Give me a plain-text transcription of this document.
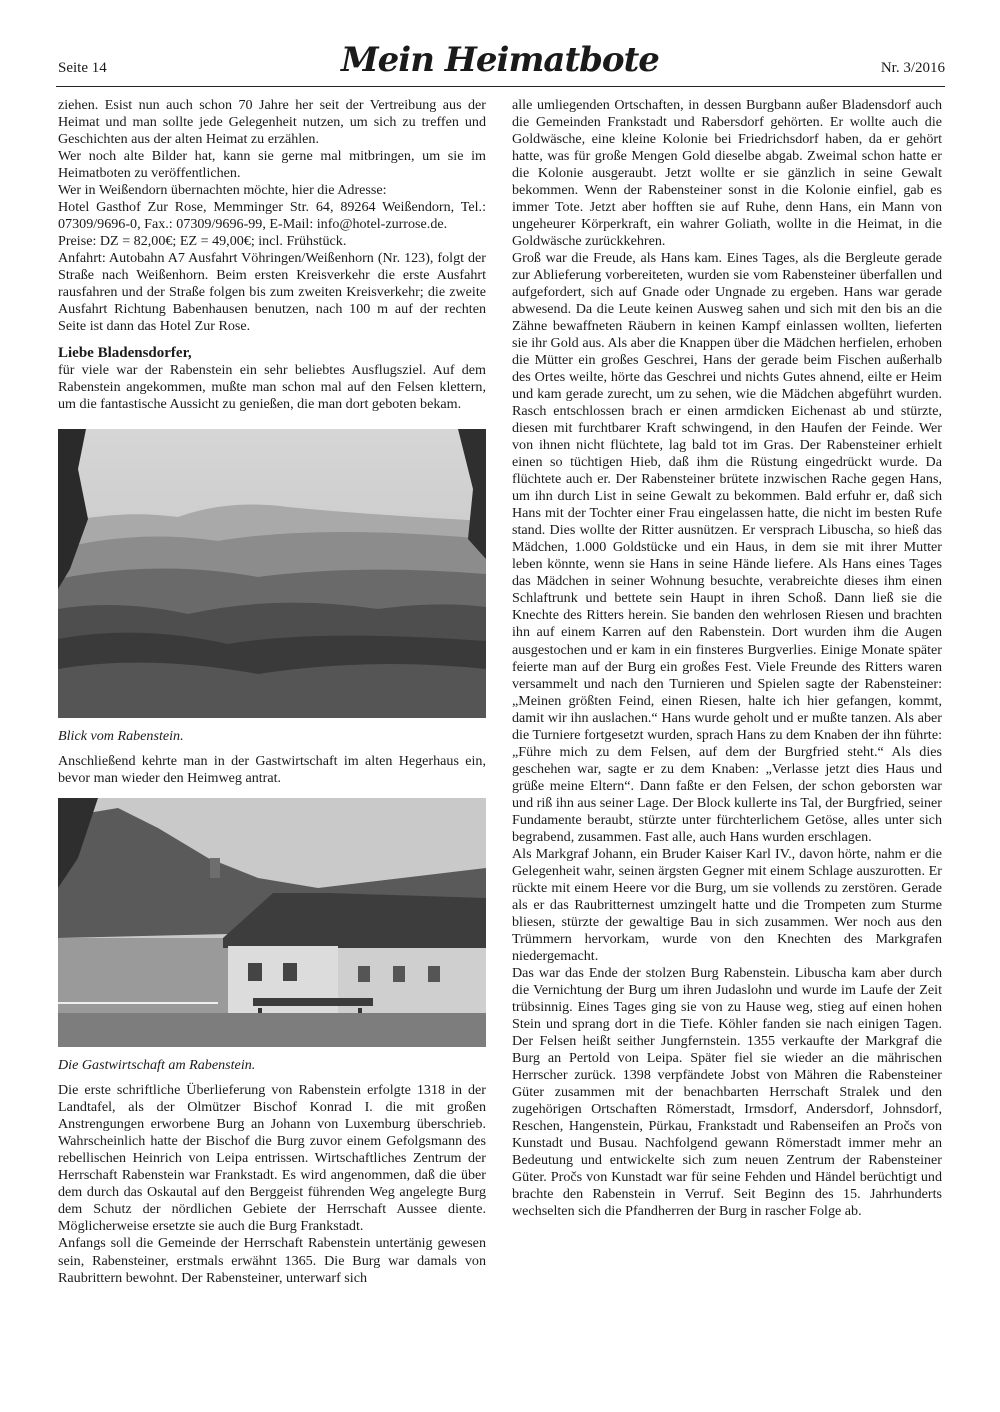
Seite 14	Mein Heimatbote	Nr. 3/2016

ziehen. Esist nun auch schon 70 Jahre her seit der Vertreibung aus der Heimat und man sollte jede Gelegenheit nutzen, um sich zu treffen und Geschichten aus der alten Heimat zu erzählen.

Wer noch alte Bilder hat, kann sie gerne mal mitbringen, um sie im Heimatboten zu veröffentlichen.

Wer in Weißendorn übernachten möchte, hier die Adresse:

Hotel Gasthof Zur Rose, Memminger Str. 64, 89264 Weißendorn, Tel.: 07309/9696-0, Fax.: 07309/9696-99, E-Mail: info@hotel-zurrose.de.

Preise: DZ = 82,00€; EZ = 49,00€; incl. Frühstück.

Anfahrt: Autobahn A7 Ausfahrt Vöhringen/Weißenhorn (Nr. 123), folgt der Straße nach Weißenhorn. Beim ersten Kreisverkehr die erste Ausfahrt rausfahren und der Straße folgen bis zum zweiten Kreisverkehr; die zweite Ausfahrt Richtung Babenhausen benutzen, nach 100 m auf der rechten Seite ist dann das Hotel Zur Rose.

Liebe Bladensdorfer,

für viele war der Rabenstein ein sehr beliebtes Ausflugsziel. Auf dem Rabenstein angekommen, mußte man schon mal auf den Felsen klettern, um die fantastische Aussicht zu genießen, die man dort geboten bekam.

Blick vom Rabenstein.

Anschließend kehrte man in der Gastwirtschaft im alten Hegerhaus ein, bevor man wieder den Heimweg antrat.

Die Gastwirtschaft am Rabenstein.

Die erste schriftliche Überlieferung von Rabenstein erfolgte 1318 in der Landtafel, als der Olmützer Bischof Konrad I. die mit großen Anstrengungen erworbene Burg an Johann von Luxemburg überschrieb. Wahrscheinlich hatte der Bischof die Burg zuvor einem Gefolgsmann des rebellischen Heinrich von Leipa entrissen. Wirtschaftliches Zentrum der Herrschaft Rabenstein war Frankstadt. Es wird angenommen, daß die über dem durch das Oskautal auf den Berggeist führenden Weg angelegte Burg dem Schutz der nördlichen Gebiete der Herrschaft Aussee diente. Möglicherweise ersetzte sie auch die Burg Frankstadt.

Anfangs soll die Gemeinde der Herrschaft Rabenstein untertänig gewesen sein, Rabensteiner, erstmals erwähnt 1365. Die Burg war damals von Raubrittern bewohnt. Der Rabensteiner, unterwarf sich

alle umliegenden Ortschaften, in dessen Burgbann außer Bladensdorf auch die Gemeinden Frankstadt und Rabersdorf gehörten. Er wollte auch die Goldwäsche, eine kleine Kolonie bei Friedrichsdorf haben, da er gehört hatte, was für große Mengen Gold dieselbe abgab. Zweimal schon hatte er die Kolonie ausgeraubt. Jetzt wollte er sie gänzlich in seine Gewalt bekommen. Wenn der Rabensteiner sonst in die Kolonie einfiel, gab es immer Tote. Jetzt aber hofften sie auf Ruhe, denn Hans, ein Mann von ungeheurer Körperkraft, ein wahrer Goliath, wollte in die Heimat, in die Goldwäsche zurückkehren.

Groß war die Freude, als Hans kam. Eines Tages, als die Bergleute gerade zur Ablieferung vorbereiteten, wurden sie vom Rabensteiner überfallen und aufgefordert, sich auf Gnade oder Ungnade zu ergeben. Hans war gerade abwesend. Da die Leute keinen Ausweg sahen und sich mit den bis an die Zähne bewaffneten Räubern in keinen Kampf einlassen wollten, lieferten sie ihr Gold aus. Als aber die Knappen über die Mädchen herfielen, erhoben die Mütter ein großes Geschrei, Hans der gerade beim Fischen außerhalb des Ortes weilte, hörte das Geschrei und nichts Gutes ahnend, eilte er Heim und kam gerade zurecht, um zu sehen, wie die Mädchen abgeführt wurden. Rasch entschlossen brach er einen armdicken Eichenast ab und stürzte, diesen mit furchtbarer Kraft schwingend, in den Haufen der Feinde. Wer von ihnen nicht flüchtete, lag bald tot im Gras. Der Rabensteiner erhielt einen so tüchtigen Hieb, daß ihm die Rüstung eingedrückt wurde. Da flüchtete auch er. Der Rabensteiner brütete inzwischen Rache gegen Hans, um ihn durch List in seine Gewalt zu bekommen. Bald erfuhr er, daß sich Hans mit der Tochter einer Frau eingelassen hatte, die nicht im besten Rufe stand. Dies wollte der Ritter ausnützen. Er versprach Libuscha, so hieß das Mädchen, 1.000 Goldstücke und ein Haus, in dem sie mit ihrer Mutter leben könnte, wenn sie Hans in seine Hände liefere. Als Hans eines Tages das Mädchen in seiner Wohnung besuchte, verabreichte dieses ihm einen Schlaftrunk und bettete sein Haupt in ihren Schoß. Dann ließ sie die Knechte des Ritters herein. Sie banden den wehrlosen Riesen und brachten ihn auf einem Karren auf den Rabenstein. Dort wurden ihm die Augen ausgestochen und er kam in ein finsteres Burgverlies. Einige Monate später feierte man auf der Burg ein großes Fest. Viele Freunde des Ritters waren versammelt und nach den Turnieren und Spielen sagte der Rabensteiner: „Meinen größten Feind, einen Riesen, halte ich hier gefangen, kommt, damit wir ihn auslachen.“ Hans wurde geholt und er mußte tanzen. Als aber die Turniere fortgesetzt wurden, sprach Hans zu dem Knaben der ihn führte: „Führe mich zu dem Felsen, auf dem der Burgfried steht.“ Als dies geschehen war, sagte er zu dem Knaben: „Verlasse jetzt dies Haus und grüße meine Eltern“. Dann faßte er den Felsen, der schon geborsten war und riß ihn aus seiner Lage. Der Block kullerte ins Tal, der Burgfried, seiner Fundamente beraubt, stürzte unter fürchterlichem Getöse, alles unter sich begrabend, zusammen. Fast alle, auch Hans wurden erschlagen.

Als Markgraf Johann, ein Bruder Kaiser Karl IV., davon hörte, nahm er die Gelegenheit wahr, seinen ärgsten Gegner mit einem Schlage auszurotten. Er rückte mit einem Heere vor die Burg, um sie vollends zu zerstören. Gerade als er das Raubritternest umzingelt hatte und die Trompeten zum Sturme bliesen, stürzte der gewaltige Bau in sich zusammen. Wer noch aus den Trümmern hervorkam, wurde von den Knechten des Markgrafen niedergemacht.

Das war das Ende der stolzen Burg Rabenstein. Libuscha kam aber durch die Vernichtung der Burg um ihren Judaslohn und wurde im Laufe der Zeit trübsinnig. Eines Tages ging sie von zu Hause weg, stieg auf einen hohen Stein und sprang dort in die Tiefe. Köhler fanden sie nach einigen Tagen. Der Felsen heißt seither Jungfernstein. 1355 verkaufte der Markgraf die Burg an Pertold von Leipa. Später fiel sie wieder an die mährischen Herrscher zurück. 1398 verpfändete Jobst von Mähren die Rabensteiner Güter zusammen mit der benachbarten Herrschaft Stralek und den zugehörigen Ortschaften Römerstadt, Irmsdorf, Andersdorf, Johnsdorf, Reschen, Hangenstein, Pürkau, Frankstadt und Rabenseifen an Pročs von Kunstadt und Busau. Nachfolgend gewann Römerstadt immer mehr an Bedeutung und entwickelte sich zum neuen Zentrum der Rabensteiner Güter. Pročs von Kunstadt war für seine Fehden und Händel berüchtigt und brachte den Rabenstein in Verruf. Seit Beginn des 15. Jahrhunderts wechselten sich die Pfandherren der Burg in rascher Folge ab.
